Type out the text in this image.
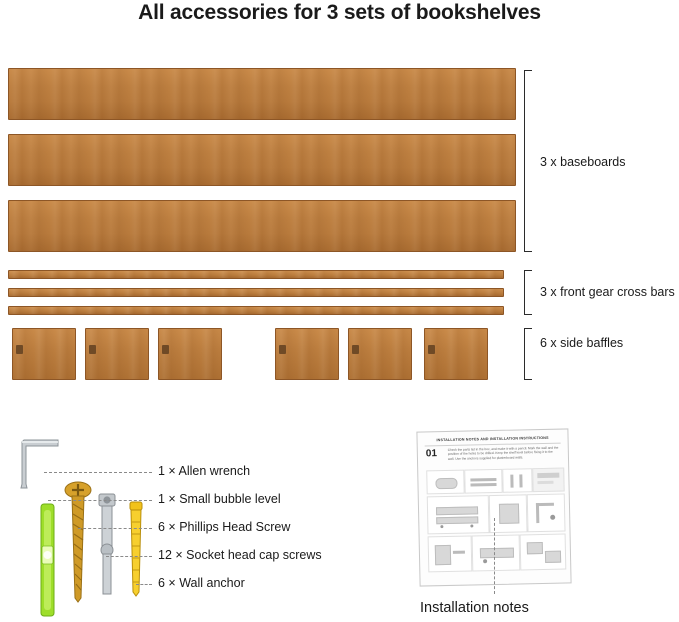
All accessories for 3 sets of bookshelves
3 x baseboards
3 x front gear cross bars
6 x side baffles
1 × Allen wrench
1 × Small bubble level
6 × Phillips Head Screw
12 × Socket head cap screws
6 × Wall anchor
INSTALLATION NOTES AND INSTALLATION INSTRUCTIONS
01	Check the parts list in the box, and make it with a pencil. Mark the wall and the position of the holes to be drilled. Keep the shelf level before fixing it to the wall. Use the anchors supplied for plasterboard walls.
Installation notes
